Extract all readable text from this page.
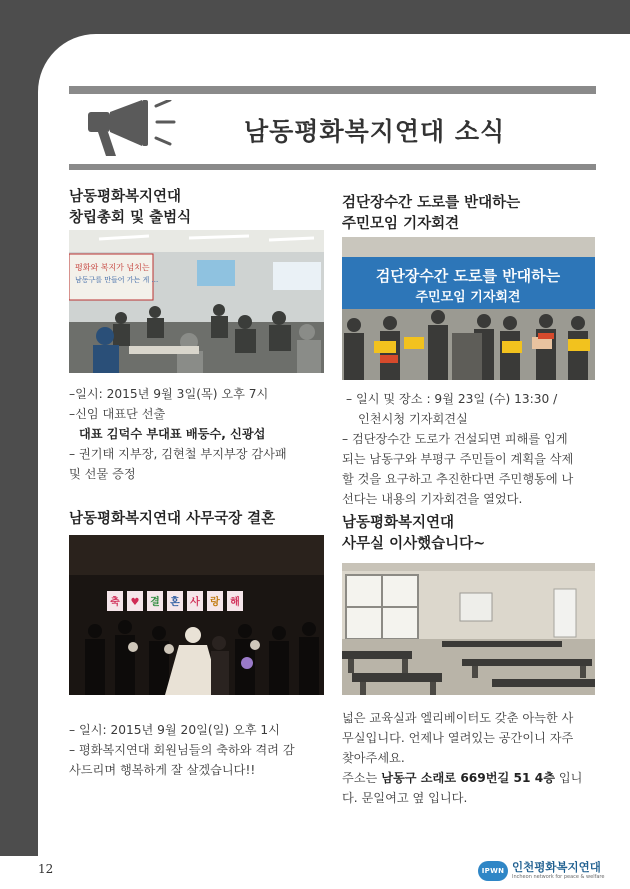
남동평화복지연대 소식
남동평화복지연대
창립총회 및 출범식
평화와 복지가 넘치는
남동구를 만들어 가는 게 ...
–일시: 2015년 9월 3일(목) 오후 7시
–신임 대표단 선출
대표 김덕수 부대표 배둥수, 신광섭
– 권기태 지부장, 김현철 부지부장 감사패
및 선물 증정
검단장수간 도로를 반대하는
주민모임 기자회견
검단장수간 도로를 반대하는
주민모임 기자회견
– 일시 및 장소 : 9월 23일 (수) 13:30 /
인천시청 기자회견실
– 검단장수간 도로가 건설되면 피해를 입게
되는 남동구와 부평구 주민들이 계획을 삭제
할 것을 요구하고 추진한다면 주민행동에 나
선다는 내용의 기자회견을 열었다.
남동평화복지연대 사무국장 결혼
축 ♥ 결 혼 사 랑 해
– 일시: 2015년 9월 20일(일) 오후 1시
– 평화복지연대 회원님들의 축하와 격려 감
사드리며 행복하게 잘 살겠습니다!!
남동평화복지연대
사무실 이사했습니다~
넓은 교육실과 엘리베이터도 갖춘 아늑한 사
무실입니다. 언제나 열려있는 공간이니 자주
찾아주세요.
주소는 남동구 소래로 669번길 51 4층 입니
다. 문일여고 옆 입니다.
12	IPWN 인천평화복지연대
Incheon network for peace & welfare
